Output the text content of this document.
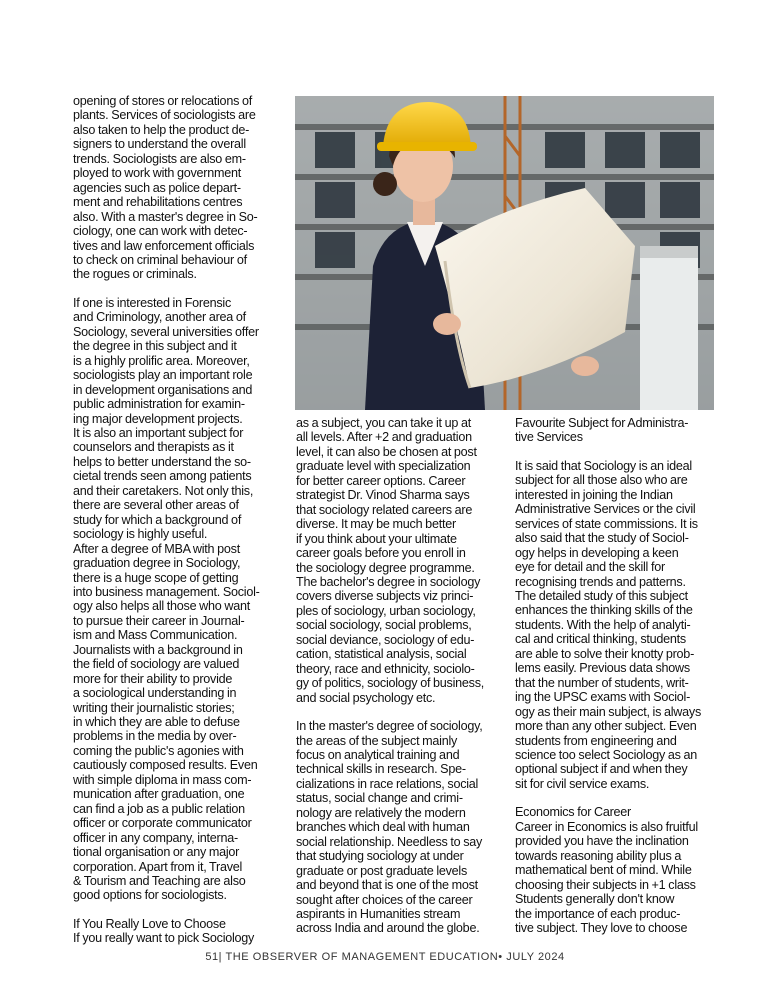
opening of stores or relocations of
plants. Services of sociologists are
also taken to help the product de-
signers to understand the overall
trends. Sociologists are also em-
ployed to work with government
agencies such as police depart-
ment and rehabilitations centres
also. With a master's degree in So-
ciology, one can work with detec-
tives and law enforcement officials
to check on criminal behaviour of
the rogues or criminals.

If one is interested in Forensic
and Criminology, another area of
Sociology, several universities offer
the degree in this subject and it
is a highly prolific area. Moreover,
sociologists play an important role
in development organisations and
public administration for examin-
ing major development projects.
It is also an important subject for
counselors and therapists as it
helps to better understand the so-
cietal trends seen among patients
and their caretakers. Not only this,
there are several other areas of
study for which a background of
sociology is highly useful.
After a degree of MBA with post
graduation degree in Sociology,
there is a huge scope of getting
into business management. Sociol-
ogy also helps all those who want
to pursue their career in Journal-
ism and Mass Communication.
Journalists with a background in
the field of sociology are valued
more for their ability to provide
a sociological understanding in
writing their journalistic stories;
in which they are able to defuse
problems in the media by over-
coming the public's agonies with
cautiously composed results. Even
with simple diploma in mass com-
munication after graduation, one
can find a job as a public relation
officer or corporate communicator
officer in any company, interna-
tional organisation or any major
corporation. Apart from it, Travel
& Tourism and Teaching are also
good options for sociologists.

If You Really Love to Choose
If you really want to pick Sociology

as a subject, you can take it up at
all levels. After +2 and graduation
level, it can also be chosen at post
graduate level with specialization
for better career options. Career
strategist Dr. Vinod Sharma says
that sociology related careers are
diverse. It may be much better
if you think about your ultimate
career goals before you enroll in
the sociology degree programme.
The bachelor's degree in sociology
covers diverse subjects viz princi-
ples of sociology, urban sociology,
social sociology, social problems,
social deviance, sociology of edu-
cation, statistical analysis, social
theory, race and ethnicity, sociolo-
gy of politics, sociology of business,
and social psychology etc.

In the master's degree of sociology,
the areas of the subject mainly
focus on analytical training and
technical skills in research. Spe-
cializations in race relations, social
status, social change and crimi-
nology are relatively the modern
branches which deal with human
social relationship. Needless to say
that studying sociology at under
graduate or post graduate levels
and beyond that is one of the most
sought after choices of the career
aspirants in Humanities stream
across India and around the globe.

Favourite Subject for Administra-
tive Services

It is said that Sociology is an ideal
subject for all those also who are
interested in joining the Indian
Administrative Services or the civil
services of state commissions. It is
also said that the study of Sociol-
ogy helps in developing a keen
eye for detail and the skill for
recognising trends and patterns.
The detailed study of this subject
enhances the thinking skills of the
students. With the help of analyti-
cal and critical thinking, students
are able to solve their knotty prob-
lems easily. Previous data shows
that the number of students, writ-
ing the UPSC exams with Sociol-
ogy as their main subject, is always
more than any other subject. Even
students from engineering and
science too select Sociology as an
optional subject if and when they
sit for civil service exams.

Economics for Career
Career in Economics is also fruitful
provided you have the inclination
towards reasoning ability plus a
mathematical bent of mind. While
choosing their subjects in +1 class
Students generally don't know
the importance of each produc-
tive subject. They love to choose

51| THE OBSERVER OF MANAGEMENT EDUCATION• JULY 2024
